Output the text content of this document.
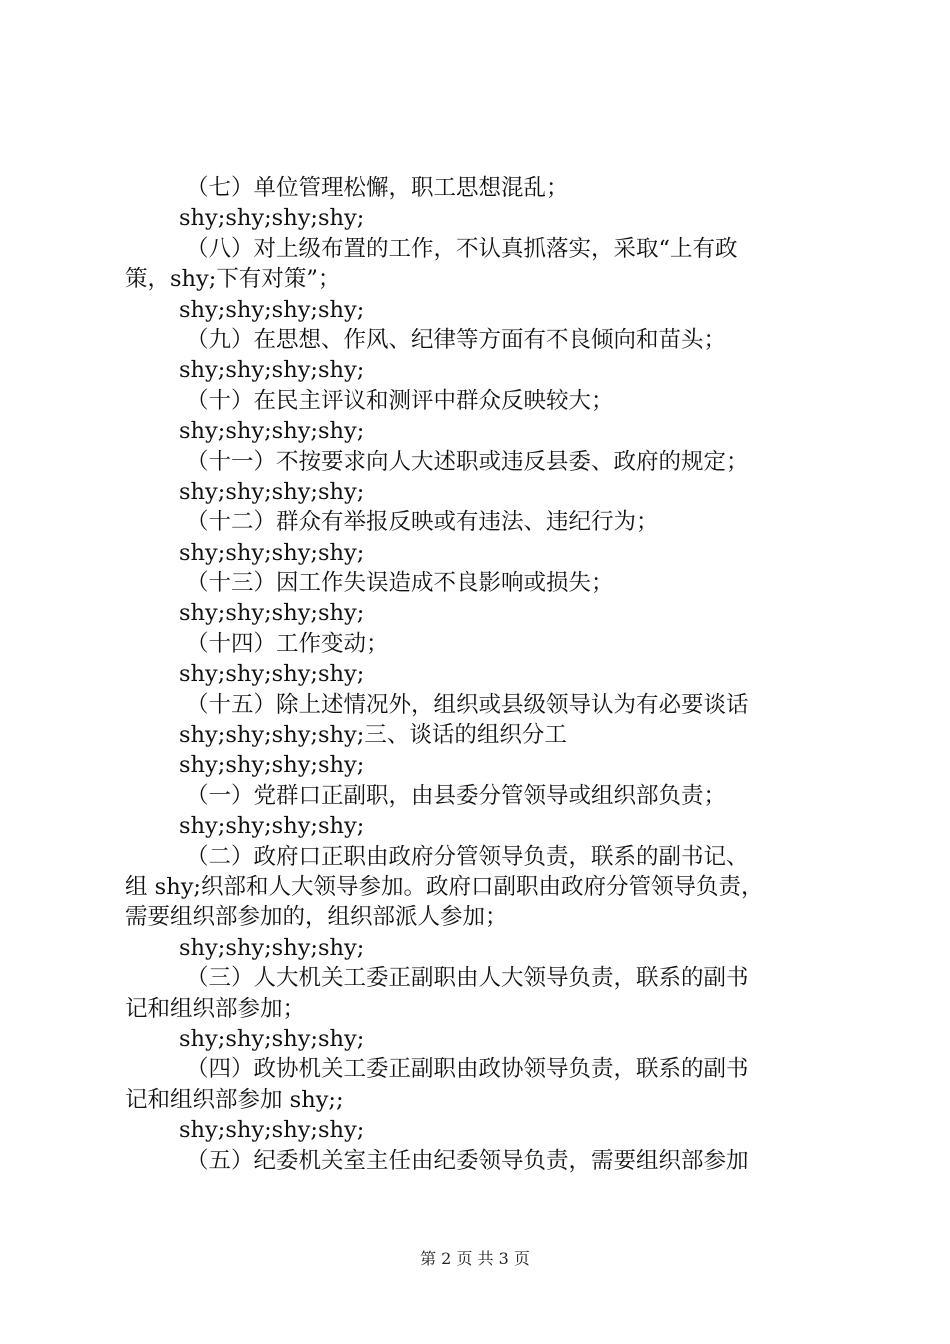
（七）单位管理松懈，职工思想混乱；
shy;shy;shy;shy;
（八）对上级布置的工作，不认真抓落实，采取“上有政
策，shy;下有对策”；
shy;shy;shy;shy;
（九）在思想、作风、纪律等方面有不良倾向和苗头；
shy;shy;shy;shy;
（十）在民主评议和测评中群众反映较大；
shy;shy;shy;shy;
（十一）不按要求向人大述职或违反县委、政府的规定；
shy;shy;shy;shy;
（十二）群众有举报反映或有违法、违纪行为；
shy;shy;shy;shy;
（十三）因工作失误造成不良影响或损失；
shy;shy;shy;shy;
（十四）工作变动；
shy;shy;shy;shy;
（十五）除上述情况外，组织或县级领导认为有必要谈话
shy;shy;shy;shy;三、谈话的组织分工
shy;shy;shy;shy;
（一）党群口正副职，由县委分管领导或组织部负责；
shy;shy;shy;shy;
（二）政府口正职由政府分管领导负责，联系的副书记、
组 shy;织部和人大领导参加。政府口副职由政府分管领导负责，
需要组织部参加的，组织部派人参加；
shy;shy;shy;shy;
（三）人大机关工委正副职由人大领导负责，联系的副书
记和组织部参加；
shy;shy;shy;shy;
（四）政协机关工委正副职由政协领导负责，联系的副书
记和组织部参加 shy;;
shy;shy;shy;shy;
（五）纪委机关室主任由纪委领导负责，需要组织部参加
第 2 页 共 3 页
